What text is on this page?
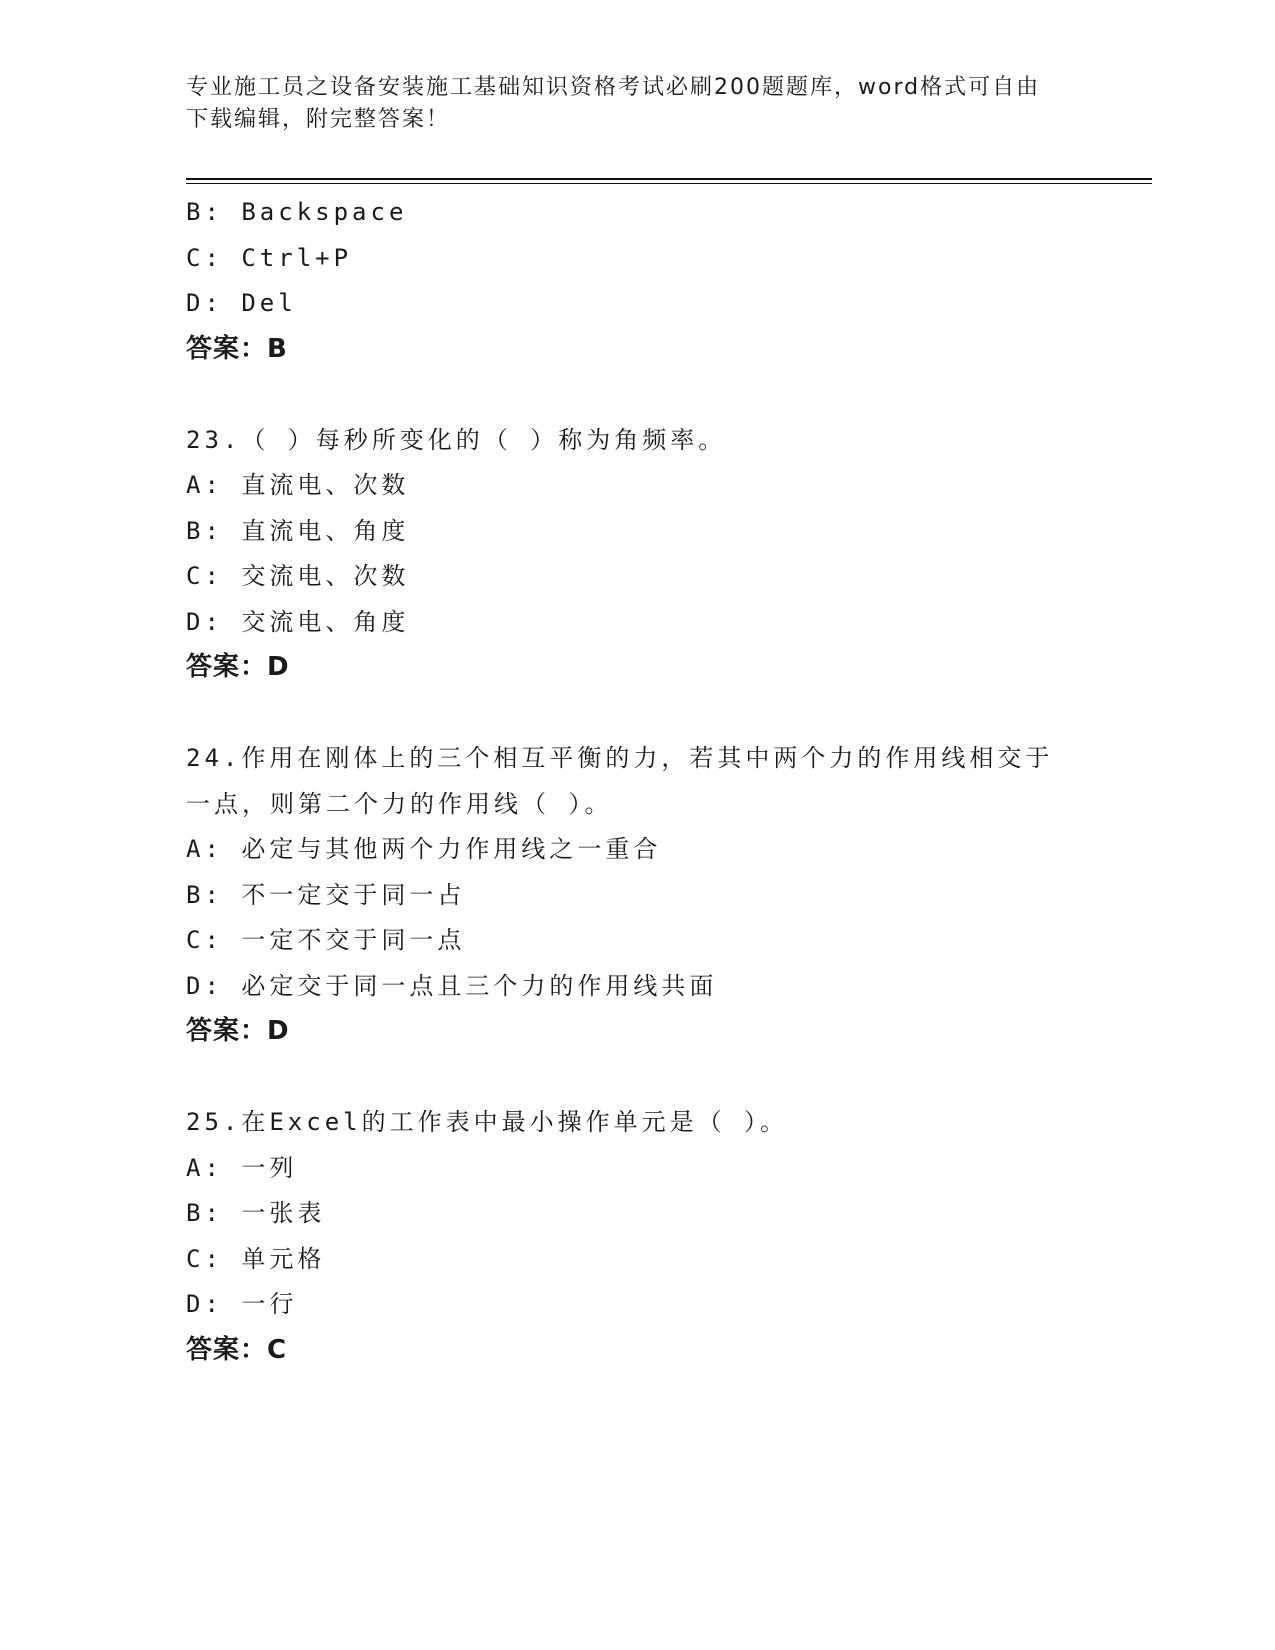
专业施工员之设备安装施工基础知识资格考试必刷200题题库，word格式可自由
下载编辑，附完整答案！
B: Backspace
C: Ctrl+P
D: Del
答案：B
23.（ ）每秒所变化的（ ）称为角频率。
A: 直流电、次数
B: 直流电、角度
C: 交流电、次数
D: 交流电、角度
答案：D
24.作用在刚体上的三个相互平衡的力，若其中两个力的作用线相交于
一点，则第二个力的作用线（ ）。
A: 必定与其他两个力作用线之一重合
B: 不一定交于同一占
C: 一定不交于同一点
D: 必定交于同一点且三个力的作用线共面
答案：D
25.在Excel的工作表中最小操作单元是（ ）。
A: 一列
B: 一张表
C: 单元格
D: 一行
答案：C
